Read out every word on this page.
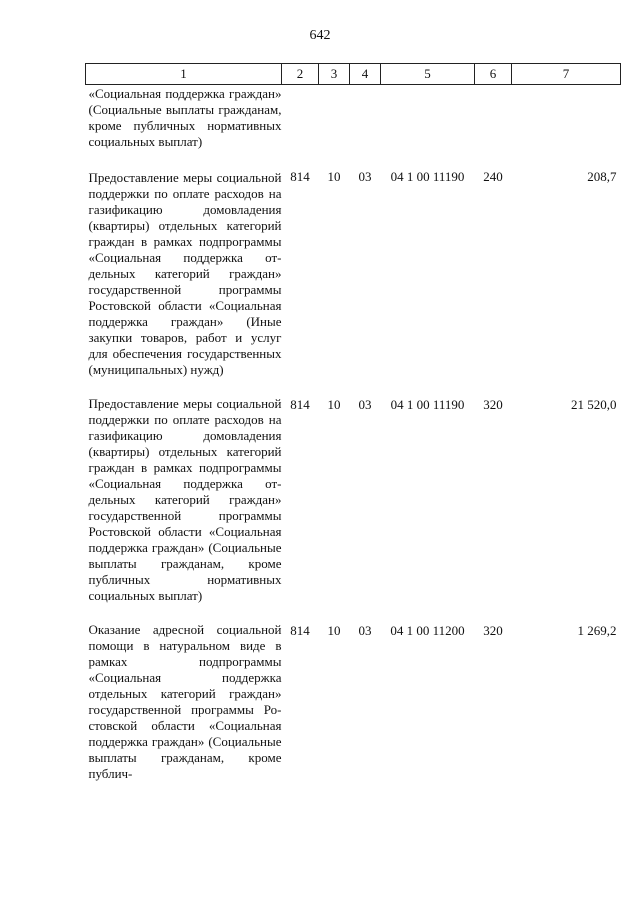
642
1	2	3	4	5	6	7
«Социальная поддержка граждан» (Социальные выплаты гражданам, кроме публичных нормативных социальных выплат)						
Предоставление меры социальной поддержки по оплате расходов на газификацию домовладения (квартиры) отдельных категорий граждан в рамках подпрограммы «Социальная поддержка отдельных категорий граждан» государственной программы Ростовской области «Социальная поддержка граждан» (Иные закупки товаров, работ и услуг для обеспечения государственных (муниципальных) нужд)	814	10	03	04 1 00 11190	240	208,7
Предоставление меры социальной поддержки по оплате расходов на газификацию домовладения (квартиры) отдельных категорий граждан в рамках подпрограммы «Социальная поддержка отдельных категорий граждан» государственной программы Ростовской области «Социальная поддержка граждан» (Социальные выплаты гражданам, кроме публичных нормативных социальных выплат)	814	10	03	04 1 00 11190	320	21 520,0
Оказание адресной социальной помощи в натуральном виде в рамках подпрограммы «Социальная поддержка отдельных категорий граждан» государственной программы Ростовской области «Социальная поддержка граждан» (Социальные выплаты гражданам, кроме публич-	814	10	03	04 1 00 11200	320	1 269,2
